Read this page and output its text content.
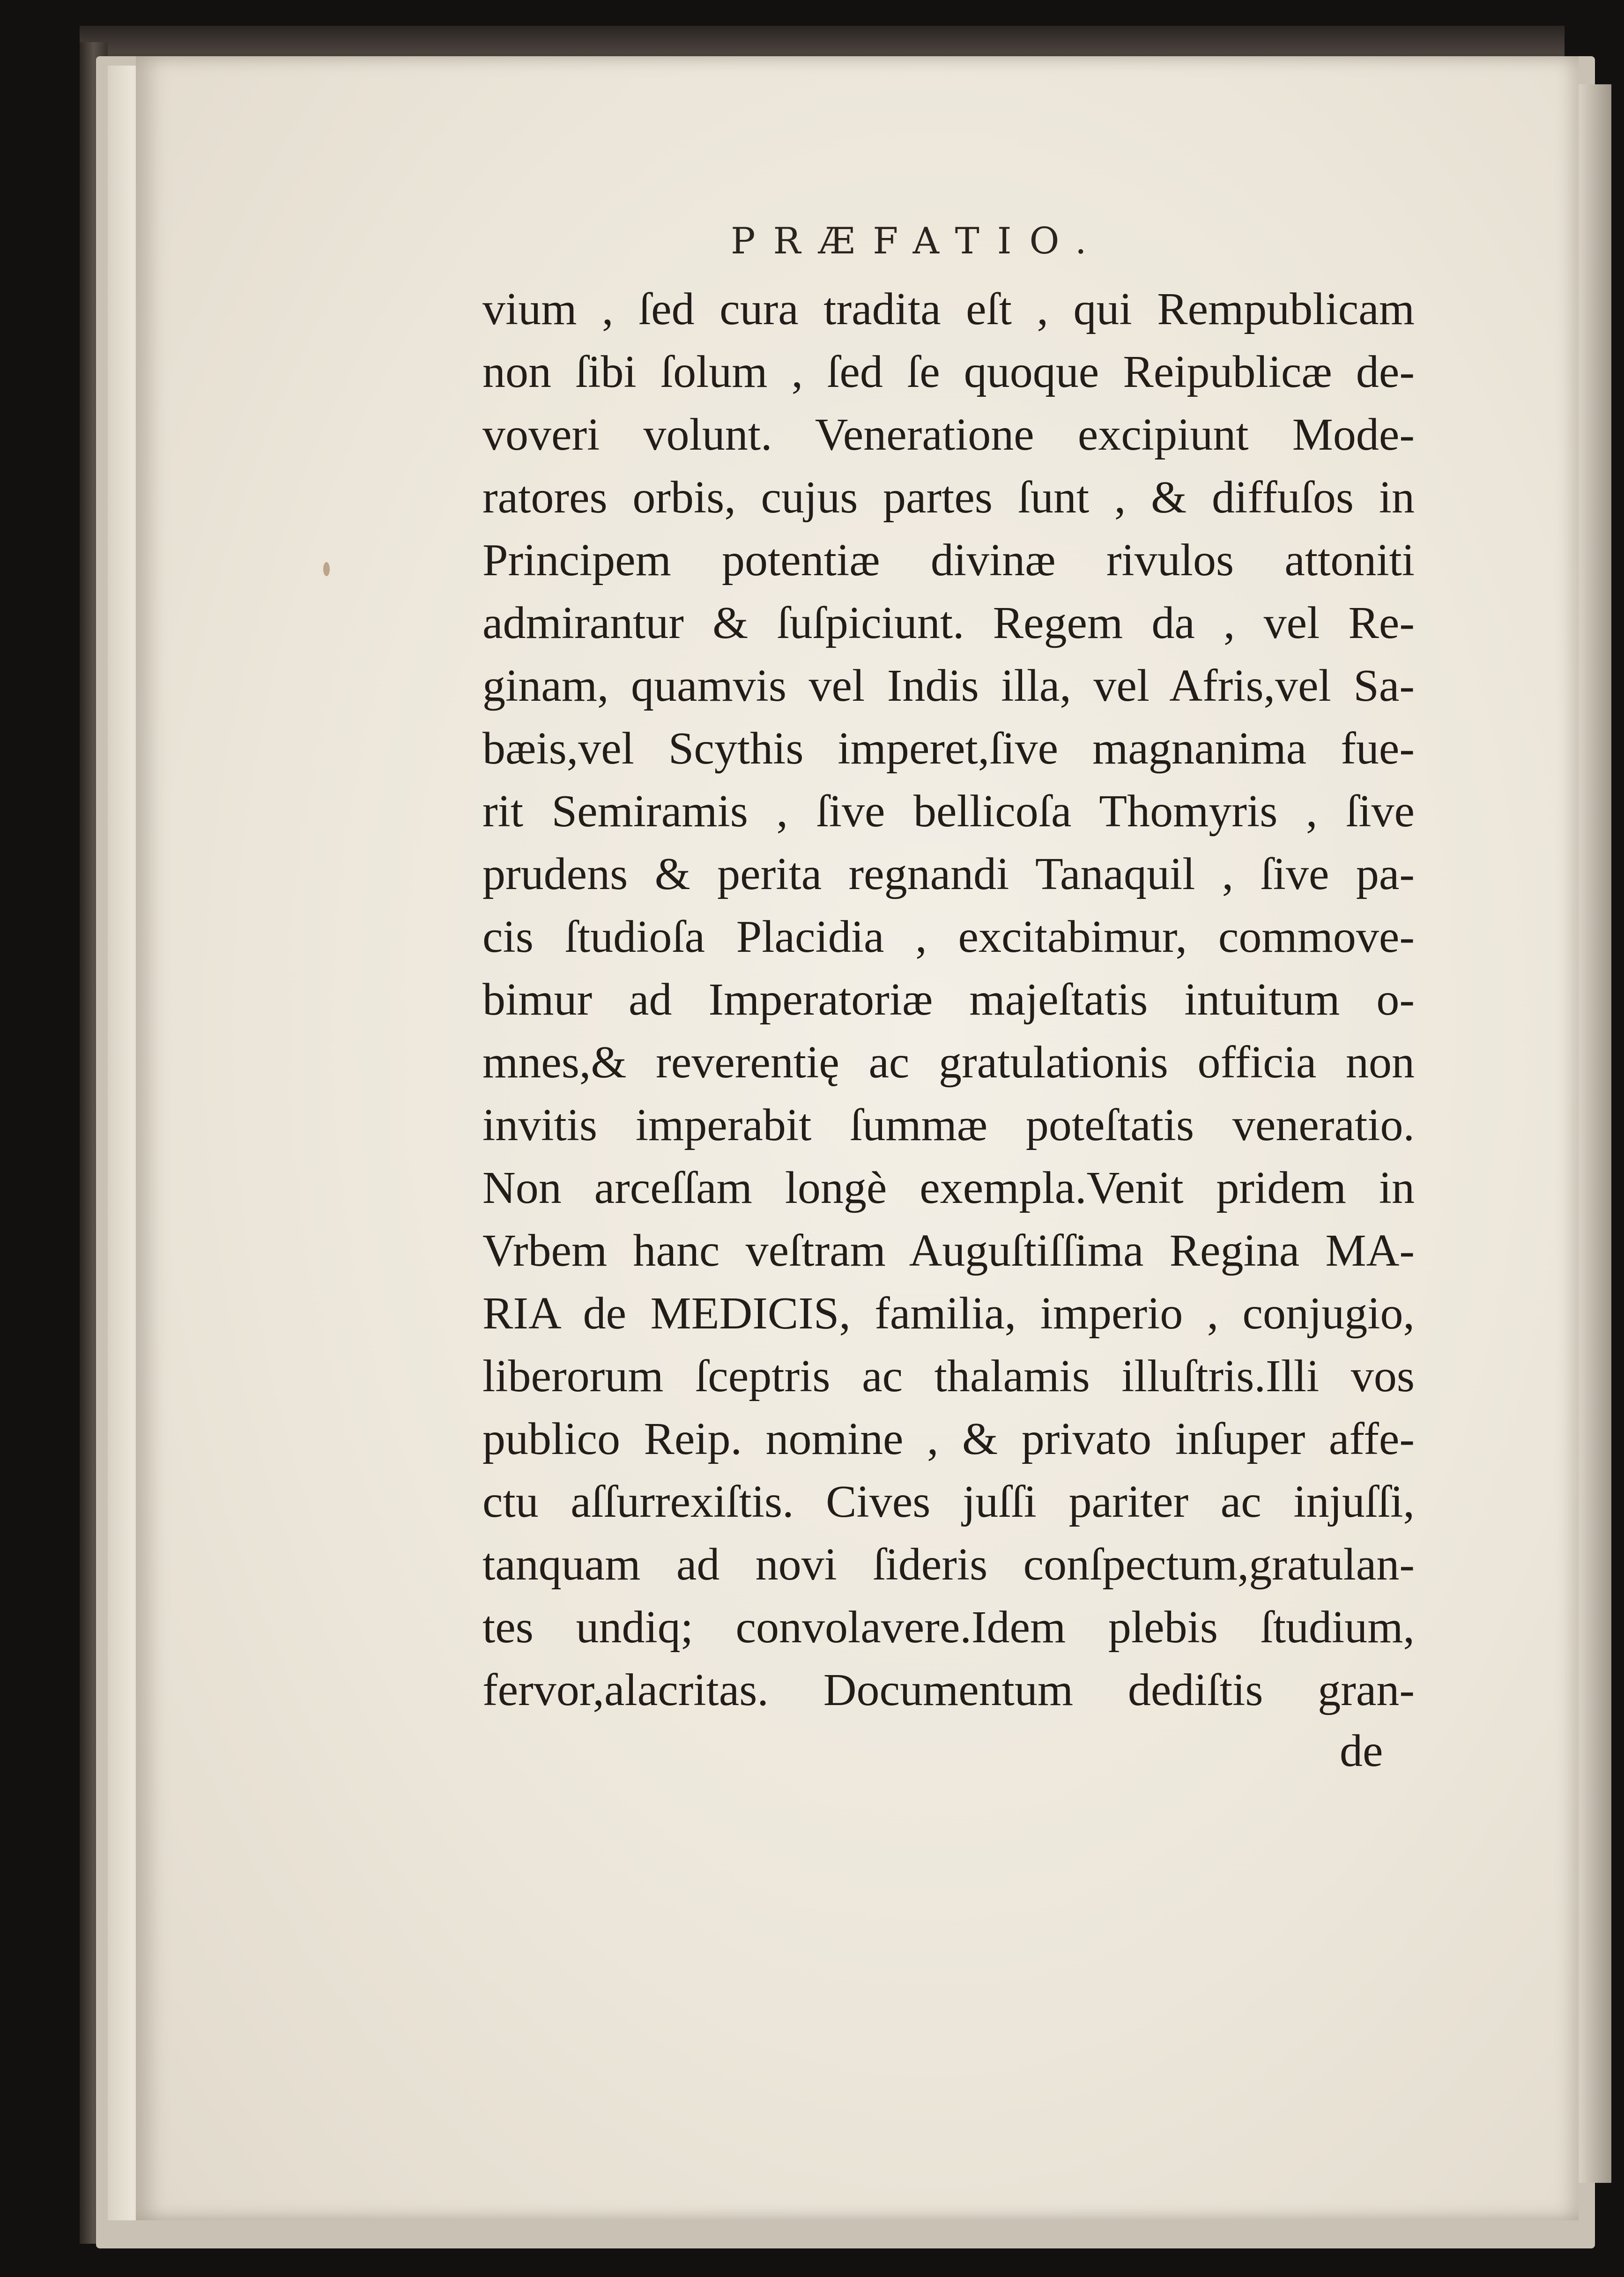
PRÆFATIO.
vium , ſed cura tradita eſt , qui Rempublicam
non ſibi ſolum , ſed ſe quoque Reipublicæ de-
voveri volunt. Veneratione excipiunt Mode-
ratores orbis, cujus partes ſunt , & diffuſos in
Principem potentiæ divinæ rivulos attoniti
admirantur & ſuſpiciunt. Regem da , vel Re-
ginam, quamvis vel Indis illa, vel Afris,vel Sa-
bæis,vel Scythis imperet,ſive magnanima fue-
rit Semiramis , ſive bellicoſa Thomyris , ſive
prudens & perita regnandi Tanaquil , ſive pa-
cis ſtudioſa Placidia , excitabimur, commove-
bimur ad Imperatoriæ majeſtatis intuitum o-
mnes,& reverentię ac gratulationis officia non
invitis imperabit ſummæ poteſtatis veneratio.
Non arceſſam longè exempla.Venit pridem in
Vrbem hanc veſtram Auguſtiſſima Regina MA-
RIA de MEDICIS, familia, imperio , conjugio,
liberorum ſceptris ac thalamis illuſtris.Illi vos
publico Reip. nomine , & privato inſuper affe-
ctu aſſurrexiſtis. Cives juſſi pariter ac injuſſi,
tanquam ad novi ſideris conſpectum,gratulan-
tes undiq; convolavere.Idem plebis ſtudium,
fervor,alacritas. Documentum dediſtis gran-
de
